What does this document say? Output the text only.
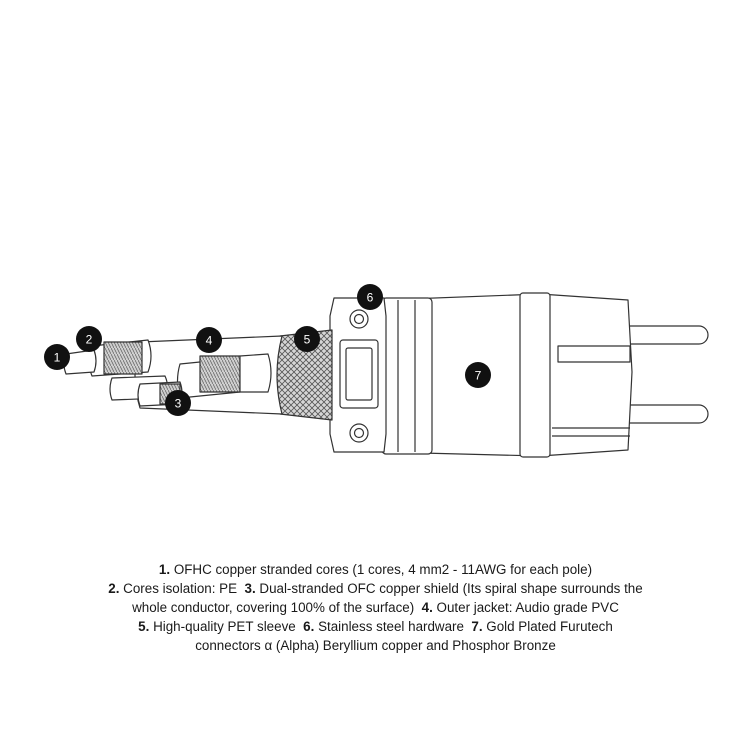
1
2
3
4	5
6
7
1. OFHC copper stranded cores (1 cores, 4 mm2 - 11AWG for each pole)
2. Cores isolation: PE  3. Dual-stranded OFC copper shield (Its spiral shape surrounds the
whole conductor, covering 100% of the surface)  4. Outer jacket: Audio grade PVC
5. High-quality PET sleeve  6. Stainless steel hardware  7. Gold Plated Furutech
connectors α (Alpha) Beryllium copper and Phosphor Bronze
